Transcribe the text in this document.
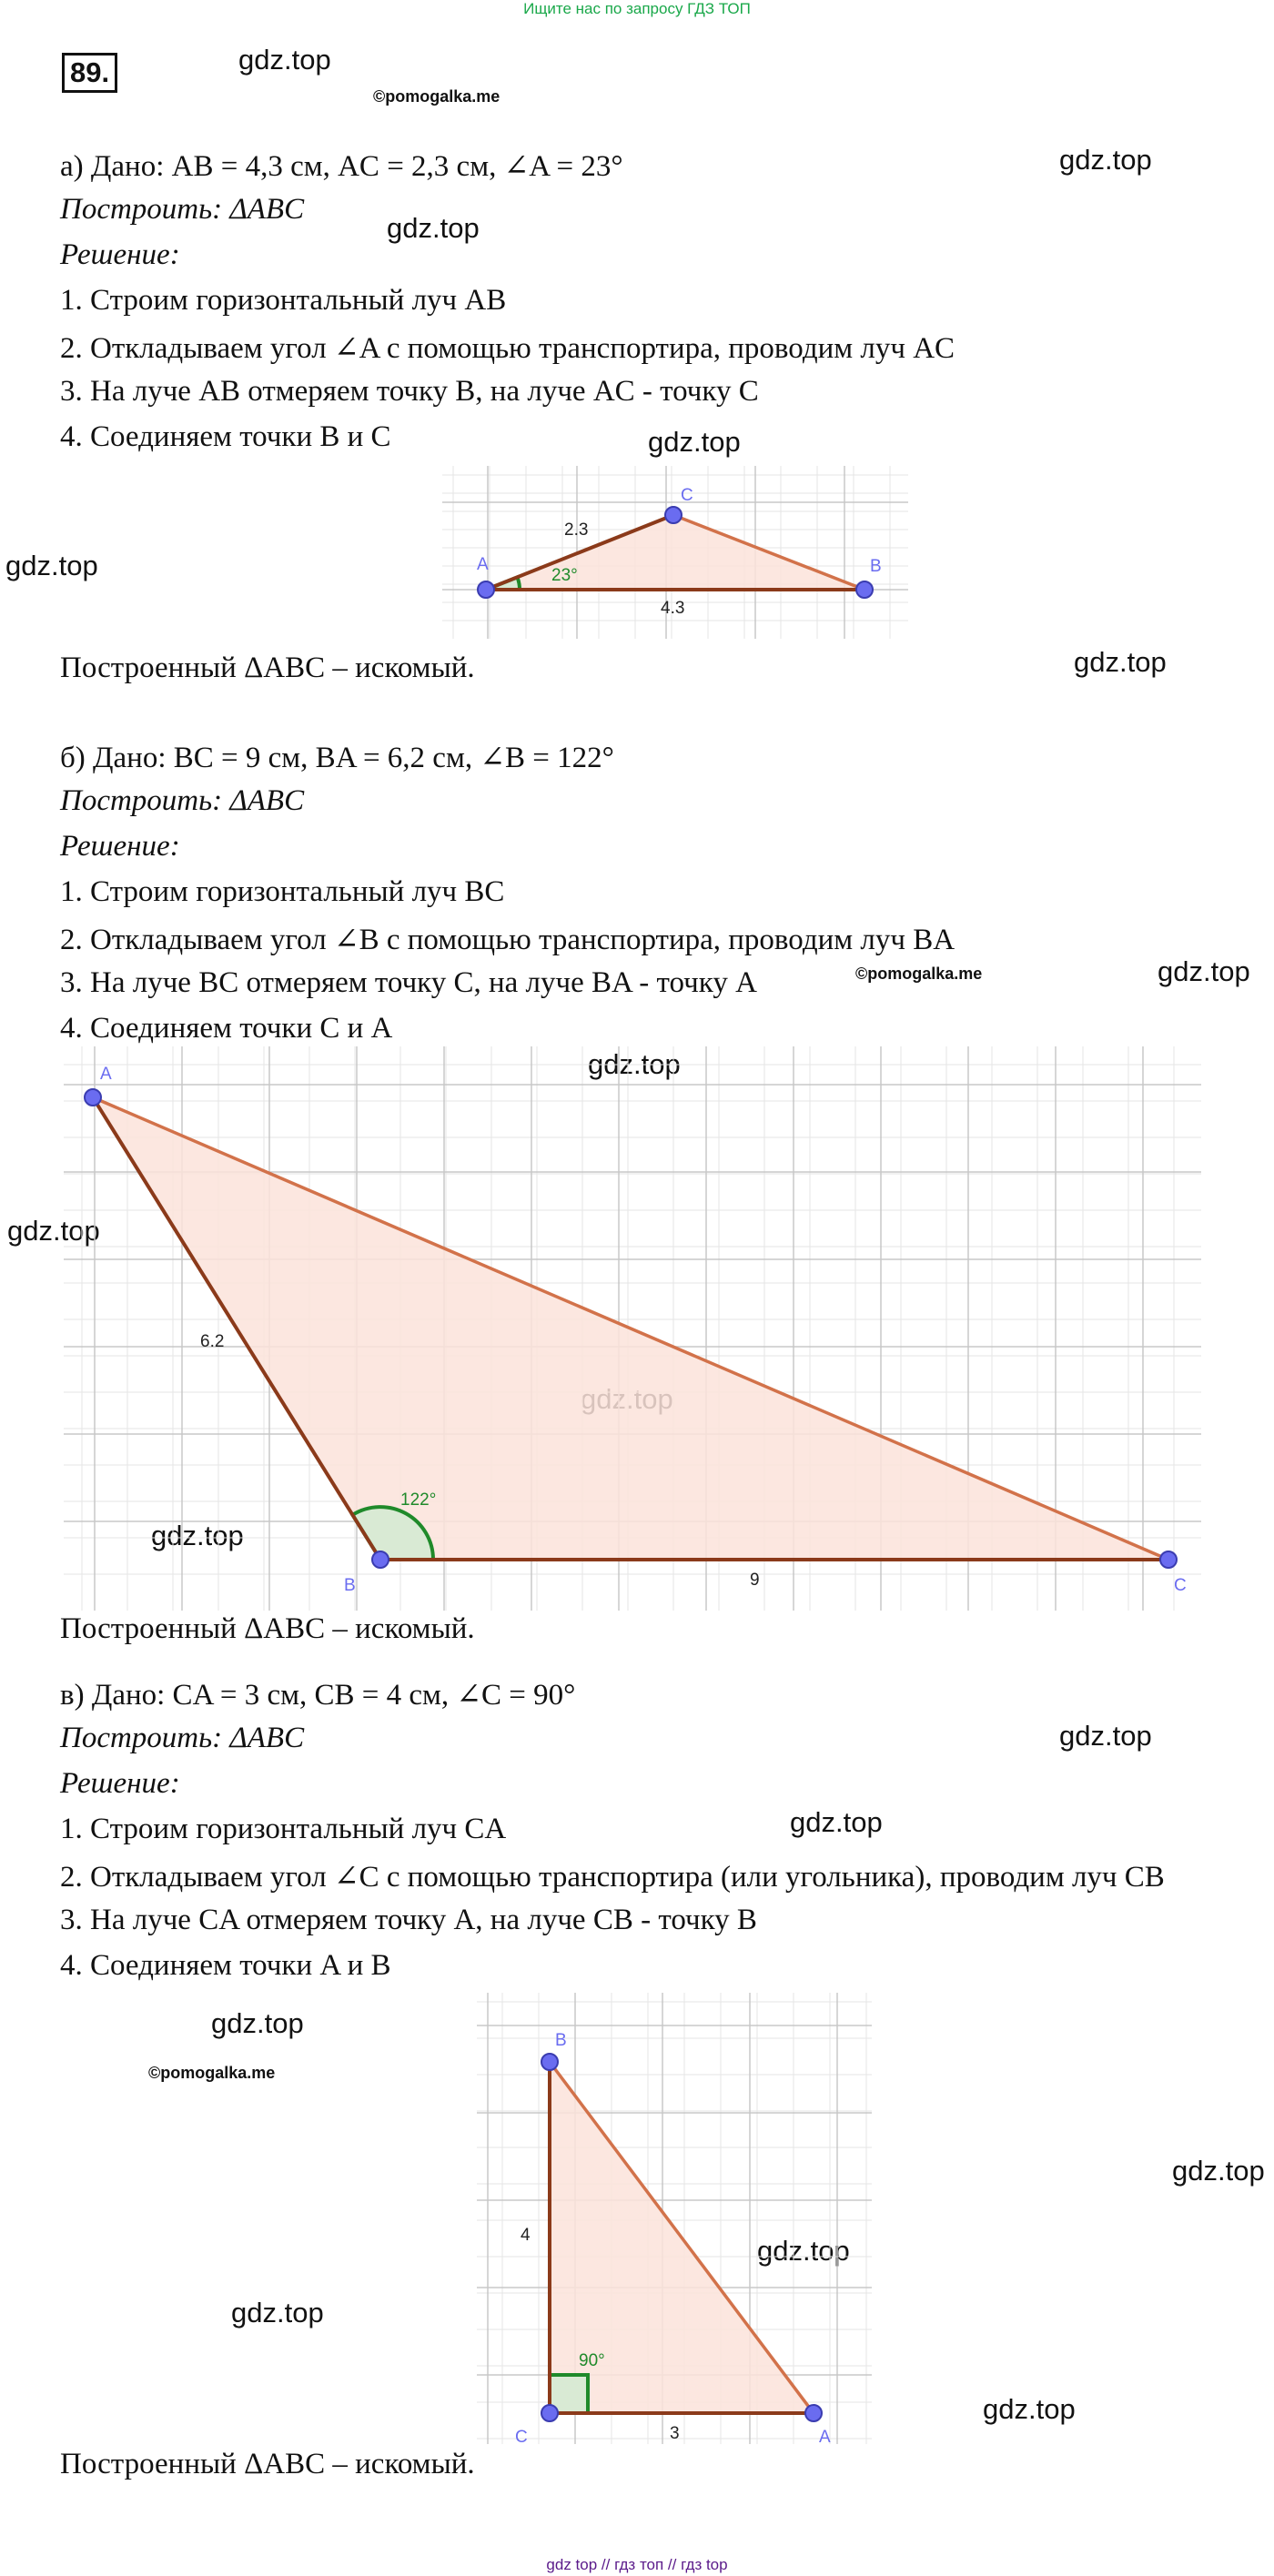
Ищите нас по запросу ГДЗ ТОП
89.	gdz.top
©pomogalka.me
gdz.top
gdz.top
gdz.top
gdz.top
gdz.top
©pomogalka.me	gdz.top
gdz.top
gdz.top
gdz.top
gdz.top
gdz.top
gdz.top
©pomogalka.me
gdz.top
gdz.top
gdz.top
gdz.top
а) Дано: AB = 4,3 см, AC = 2,3 см, ∠A = 23°
Построить: ΔABC
Решение:
1. Строим горизонтальный луч AB
2. Откладываем угол ∠A с помощью транспортира, проводим луч AC
3. На луче AB отмеряем точку B, на луче AC - точку C
4. Соединяем точки B и C
A	B
C
2.3
4.3
23°
Построенный ΔABC – искомый.
б) Дано: BC = 9 см, BA = 6,2 см, ∠B = 122°
Построить: ΔABC
Решение:
1. Строим горизонтальный луч BC
2. Откладываем угол ∠B с помощью транспортира, проводим луч BA
3. На луче BC отмеряем точку C, на луче BA - точку A
4. Соединяем точки C и A
A
B	C
6.2
9
122°
Построенный ΔABC – искомый.
в) Дано: CA = 3 см, CB = 4 см, ∠C = 90°
Построить: ΔABC
Решение:
1. Строим горизонтальный луч CA
2. Откладываем угол ∠C с помощью транспортира (или угольника), проводим луч CB
3. На луче CA отмеряем точку A, на луче CB - точку B
4. Соединяем точки A и B
B
C	A
4
3
90°
Построенный ΔABC – искомый.
gdz top // гдз топ // гдз top
